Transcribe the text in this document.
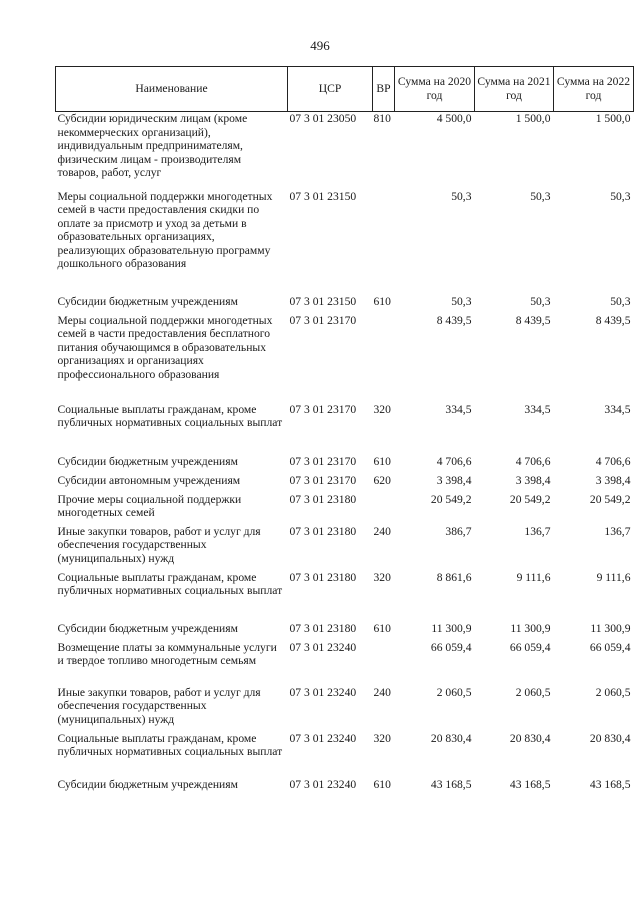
496
Наименование	ЦСР	ВР	Сумма на 2020 год	Сумма на 2021 год	Сумма на 2022 год
Субсидии юридическим лицам (кроме некоммерческих организаций), индивидуальным предпринимателям, физическим лицам - производителям товаров, работ, услуг	07 3 01 23050	810	4 500,0	1 500,0	1 500,0
Меры социальной поддержки многодетных семей в части предоставления скидки по оплате за присмотр и уход за детьми в образовательных организациях, реализующих образовательную программу дошкольного образования	07 3 01 23150		50,3	50,3	50,3
Субсидии бюджетным учреждениям	07 3 01 23150	610	50,3	50,3	50,3
Меры социальной поддержки многодетных семей в части предоставления бесплатного питания обучающимся в образовательных организациях и организациях профессионального образования	07 3 01 23170		8 439,5	8 439,5	8 439,5
Социальные выплаты гражданам, кроме публичных нормативных социальных выплат	07 3 01 23170	320	334,5	334,5	334,5
Субсидии бюджетным учреждениям	07 3 01 23170	610	4 706,6	4 706,6	4 706,6
Субсидии автономным учреждениям	07 3 01 23170	620	3 398,4	3 398,4	3 398,4
Прочие меры социальной поддержки многодетных семей	07 3 01 23180		20 549,2	20 549,2	20 549,2
Иные закупки товаров, работ и услуг для обеспечения государственных (муниципальных) нужд	07 3 01 23180	240	386,7	136,7	136,7
Социальные выплаты гражданам, кроме публичных нормативных социальных выплат	07 3 01 23180	320	8 861,6	9 111,6	9 111,6
Субсидии бюджетным учреждениям	07 3 01 23180	610	11 300,9	11 300,9	11 300,9
Возмещение платы за коммунальные услуги и твердое топливо многодетным семьям	07 3 01 23240		66 059,4	66 059,4	66 059,4
Иные закупки товаров, работ и услуг для обеспечения государственных (муниципальных) нужд	07 3 01 23240	240	2 060,5	2 060,5	2 060,5
Социальные выплаты гражданам, кроме публичных нормативных социальных выплат	07 3 01 23240	320	20 830,4	20 830,4	20 830,4
Субсидии бюджетным учреждениям	07 3 01 23240	610	43 168,5	43 168,5	43 168,5
